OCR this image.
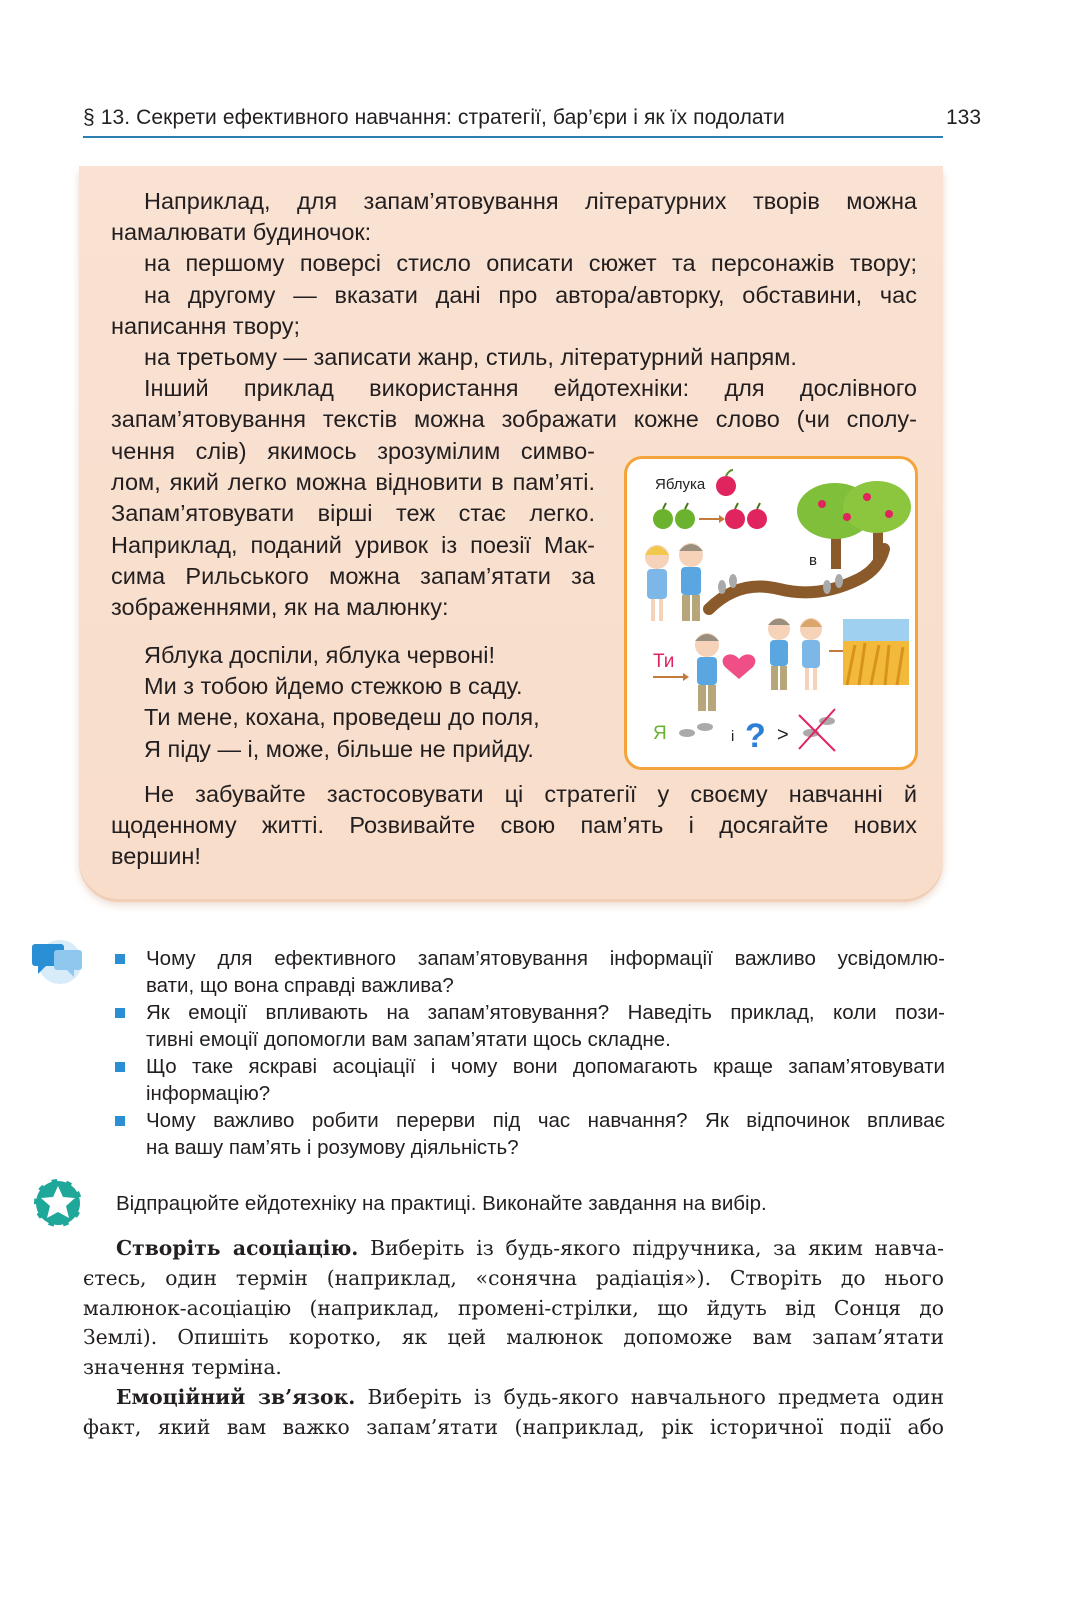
§ 13. Секрети ефективного навчання: стратегії, бар’єри і як їх подолати	133
Наприклад, для запам’ятовування літературних творів можна
намалювати будиночок:
на першому поверсі стисло описати сюжет та персонажів твору;
на другому — вказати дані про автора/авторку, обставини, час
написання твору;
на третьому — записати жанр, стиль, літературний напрям.
Інший приклад використання ейдотехніки: для дослівного
запам’ятовування текстів можна зображати кожне слово (чи сполу-
чення слів) якимось зрозумілим симво-
лом, який легко можна відновити в пам’яті.
Запам’ятовувати вірші теж стає легко.
Наприклад, поданий уривок із поезії Мак-
сима Рильського можна запам’ятати за
зображеннями, як на малюнку:
Яблука доспіли, яблука червоні!
Ми з тобою йдемо стежкою в саду.
Ти мене, кохана, проведеш до поля,
Я піду — і, може, більше не прийду.
Не забувайте застосовувати ці стратегії у своєму навчанні й
щоденному житті. Розвивайте свою пам’ять і досягайте нових
вершин!
Яблука
в
Ти
Я	і ? >
Чому для ефективного запам’ятовування інформації важливо усвідомлю-
вати, що вона справді важлива?
Як емоції впливають на запам’ятовування? Наведіть приклад, коли пози-
тивні емоції допомогли вам запам’ятати щось складне.
Що таке яскраві асоціації і чому вони допомагають краще запам’ятовувати
інформацію?
Чому важливо робити перерви під час навчання? Як відпочинок впливає
на вашу пам’ять і розумову діяльність?
Відпрацюйте ейдотехніку на практиці. Виконайте завдання на вибір.
Створіть асоціацію. Виберіть із будь-якого підручника, за яким навча-
єтесь, один термін (наприклад, «сонячна радіація»). Створіть до нього
малюнок-асоціацію (наприклад, промені-стрілки, що йдуть від Сонця до
Землі). Опишіть коротко, як цей малюнок допоможе вам запам’ятати
значення терміна.
Емоційний зв’язок. Виберіть із будь-якого навчального предмета один
факт, який вам важко запам’ятати (наприклад, рік історичної події або
